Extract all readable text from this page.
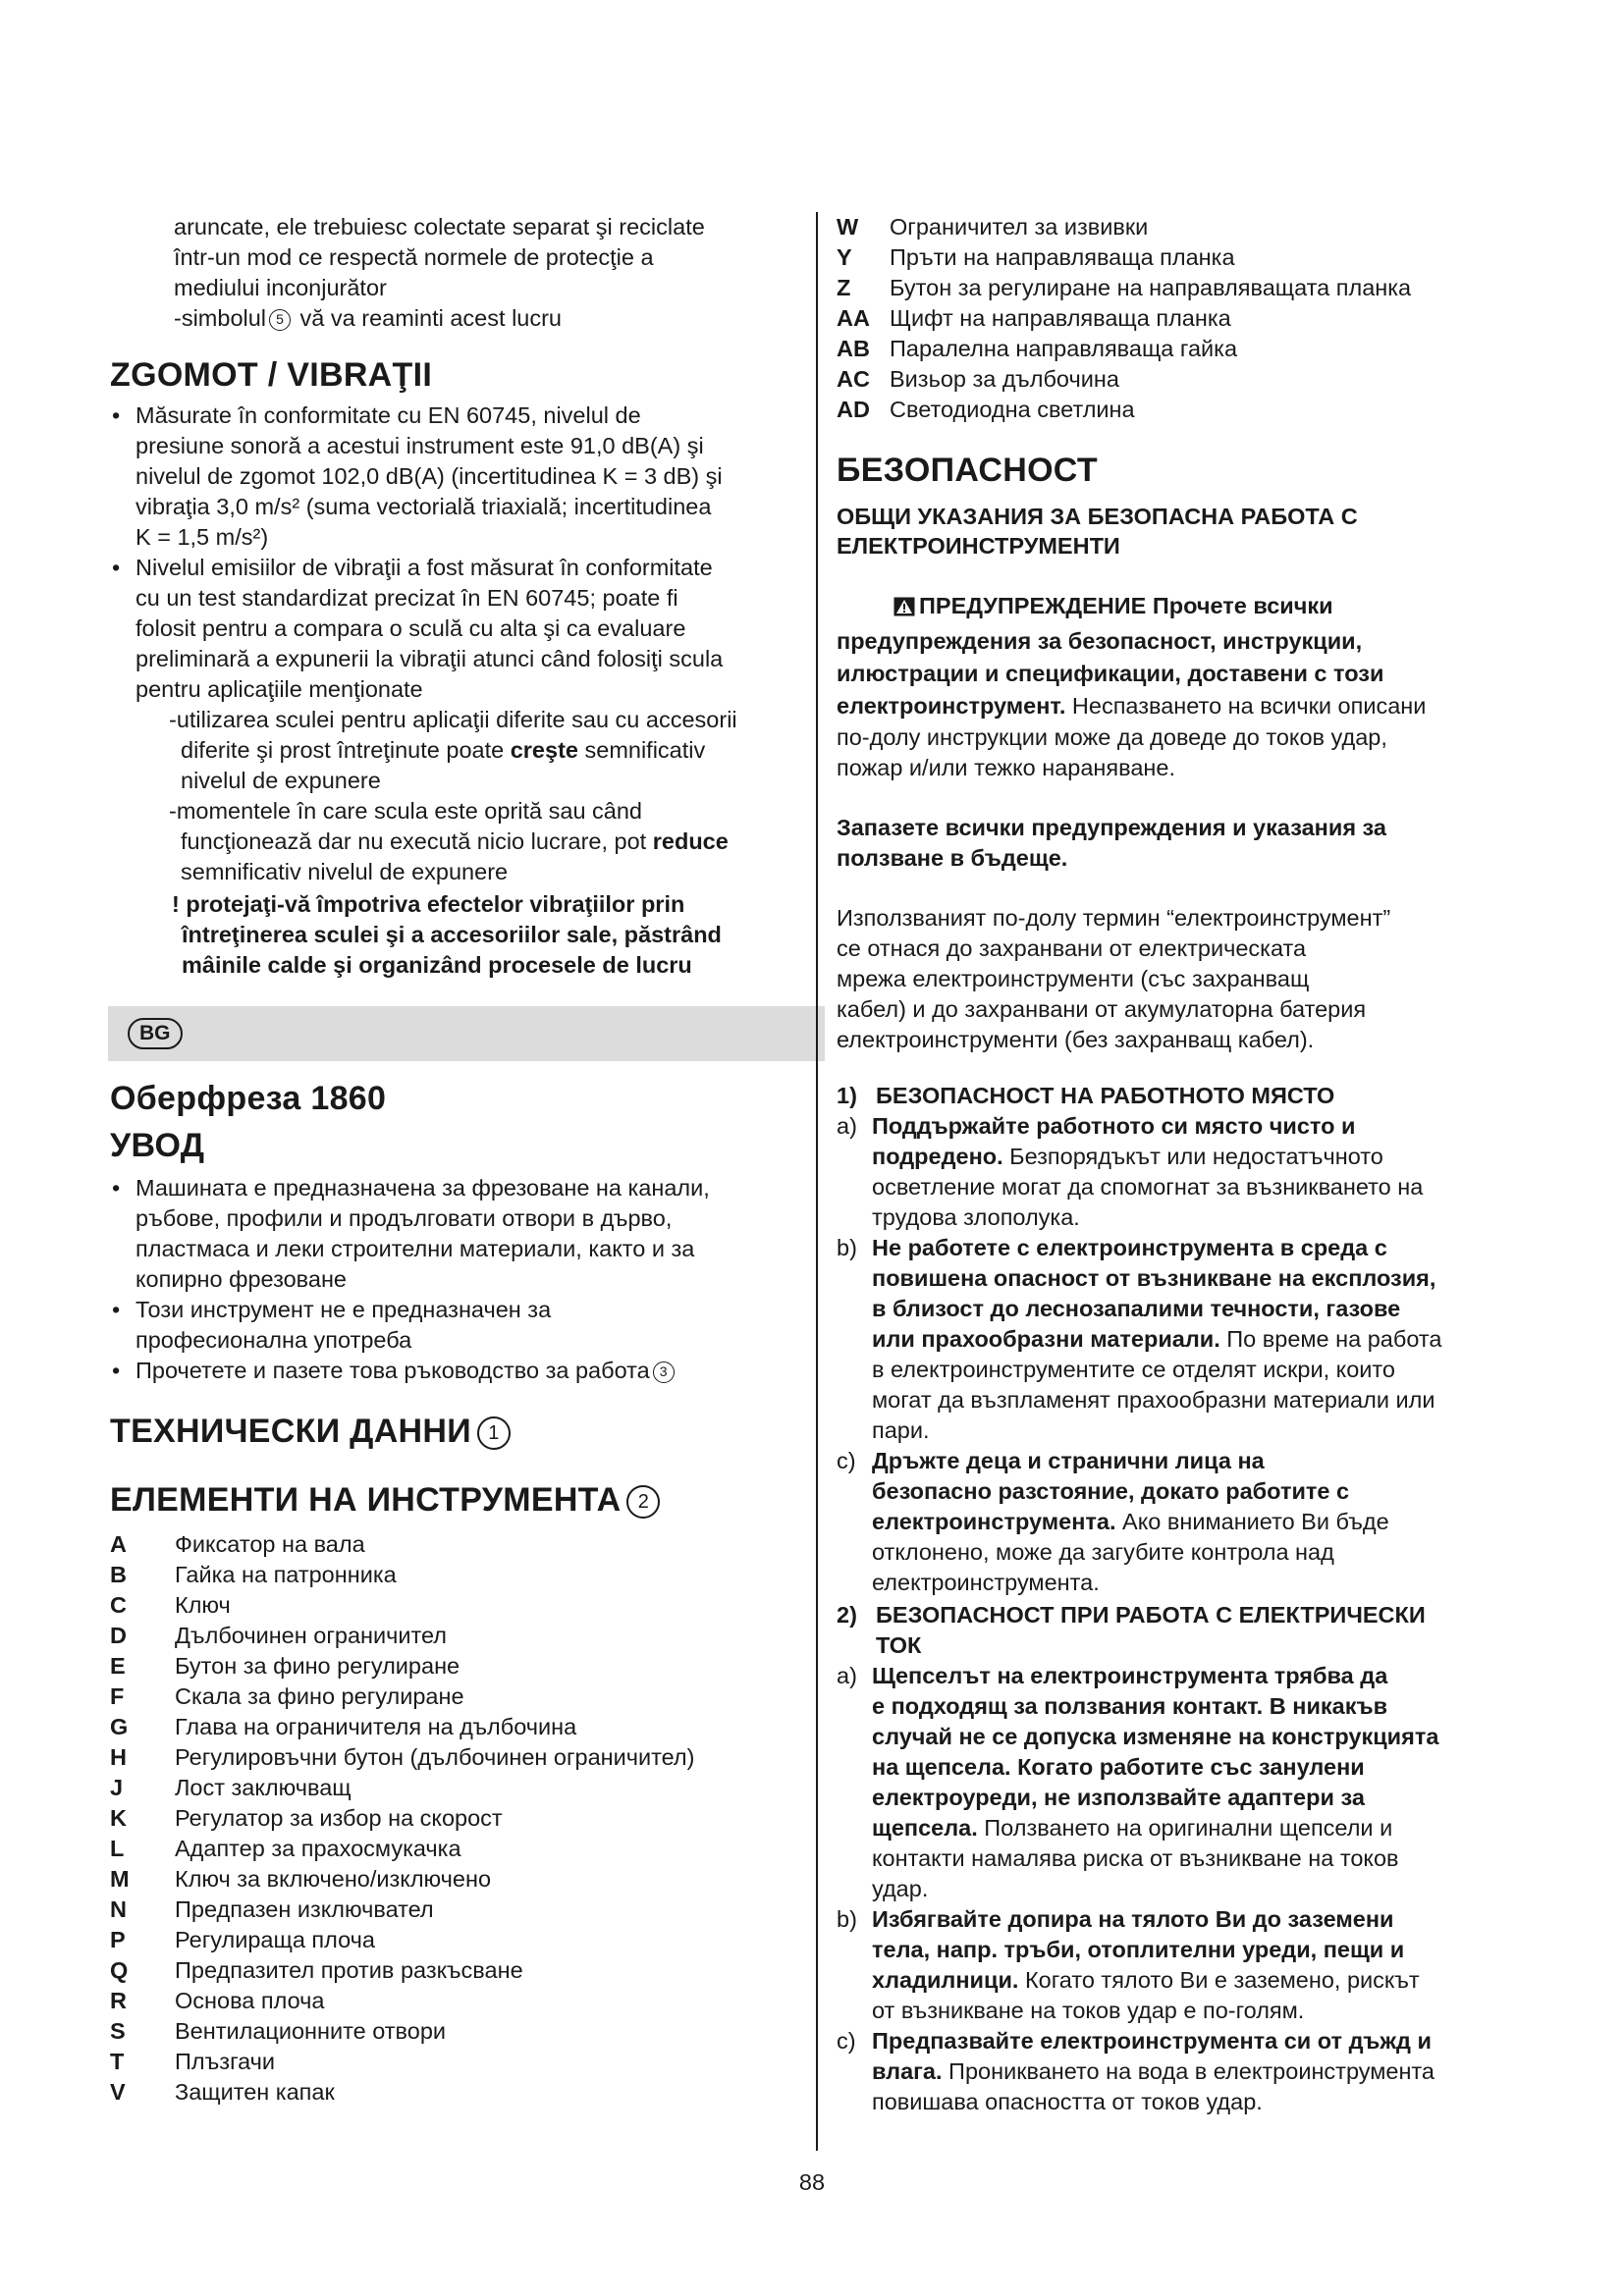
aruncate, ele trebuiesc colectate separat şi reciclate

într-un mod ce respectă normele de protecţie a

mediului inconjurător

-simbolul 5 vă va reaminti acest lucru

ZGOMOT / VIBRAŢII
• Măsurate în conformitate cu EN 60745, nivelul de
presiune sonoră a acestui instrument este 91,0 dB(A) şi
nivelul de zgomot 102,0 dB(A) (incertitudinea K = 3 dB) şi
vibraţia 3,0 m/s² (suma vectorială triaxială; incertitudinea
K = 1,5 m/s²)
• Nivelul emisiilor de vibraţii a fost măsurat în conformitate
cu un test standardizat precizat în EN 60745; poate fi
folosit pentru a compara o sculă cu alta şi ca evaluare
preliminară a expunerii la vibraţii atunci când folosiţi scula
pentru aplicaţiile menţionate

-utilizarea sculei pentru aplicaţii diferite sau cu accesorii

diferite şi prost întreţinute poate creşte semnificativ

nivelul de expunere

-momentele în care scula este oprită sau când

funcţionează dar nu execută nicio lucrare, pot reduce

semnificativ nivelul de expunere

! protejaţi-vă împotriva efectelor vibraţiilor prin
întreţinerea sculei şi a accesoriilor sale, păstrând
mâinile calde şi organizând procesele de lucru
BG
Оберфреза 1860
УВОД
• Машината е предназначена за фрезоване на канали,
ръбове, профили и продълговати отвори в дърво,
пластмаса и леки строителни материали, както и за
копирно фрезоване
• Този инструмент не е предназначен за
професионална употреба
• Прочетете и пазете това ръководство за работа 3
ТЕХНИЧЕСКИ ДАННИ 1
ЕЛЕМЕНТИ НА ИНСТРУМЕНТА 2
A	Фиксатор на вала
B	Гайка на патронника
C	Ключ
D	Дълбочинен ограничител
E	Бутон за фино регулиране
F	Скала за фино регулиране
G	Глава на ограничителя на дълбочина
H	Регулировъчни бутон (дълбочинен ограничител)
J	Лост заключващ
K	Регулатор за избор на скорост
L	Адаптер за прахосмукачка
M	Ключ за включено/изключено
N	Предпазен изключвател
P	Регулираща плоча
Q	Предпазител против разкъсване
R	Основа плоча
S	Вентилационните отвори
T	Плъзгачи
V	Защитен капак
W	Ограничител за извивки
Y	Пръти на направляваща планка
Z	Бутон за регулиране на направляващата планка
AA Щифт на направляваща планка
AB Паралелна направляваща гайка
AC Визьор за дълбочина
AD Светодиодна светлина
БЕЗОПАСНОСТ
ОБЩИ УКАЗАНИЯ ЗА БЕЗОПАСНА РАБОТА С
ЕЛЕКТРОИНСТРУМЕНТИ

ПРЕДУПРЕЖДЕНИЕ Прочете всички

предупреждения за безопасност, инструкции,

илюстрации и спецификации, доставени с този

електроинструмент. Неспазването на всички описани

по-долу инструкции може да доведе до токов удар,

пожар и/или тежко нараняване.

Запазете всички предупреждения и указания за

ползване в бъдеще.

Използваният по-долу термин “електроинструмент”

се отнася до захранвани от електрическата

мрежа електроинструменти (със захранващ

кабел) и до захранвани от акумулаторна батерия

електроинструменти (без захранващ кабел).

1) БЕЗОПАСНОСТ НА РАБОТНОТО МЯСТО
a) Поддържайте работното си място чисто и
подредено. Безпорядъкът или недостатъчното
осветление могат да спомогнат за възникването на
трудова злополука.
b) Не работете с електроинструмента в среда с
повишена опасност от възникване на експлозия,
в близост до леснозапалими течности, газове
или прахообразни материали. По време на работа
в електроинструментите се отделят искри, които
могат да възпламенят прахообразни материали или
пари.
c) Дръжте деца и странични лица на
безопасно разстояние, докато работите с
електроинструмента. Ако вниманието Ви бъде
отклонено, може да загубите контрола над
електроинструмента.
2) БЕЗОПАСНОСТ ПРИ РАБОТА С ЕЛЕКТРИЧЕСКИ
ТОК
a) Щепселът на електроинструмента трябва да
е подходящ за ползвания контакт. В никакъв
случай не се допуска изменяне на конструкцията
на щепсела. Когато работите със занулени
електроуреди, не използвайте адаптери за
щепсела. Ползването на оригинални щепсели и
контакти намалява риска от възникване на токов
удар.
b) Избягвайте допира на тялото Ви до заземени
тела, напр. тръби, отоплителни уреди, пещи и
хладилници. Когато тялото Ви е заземено, рискът
от възникване на токов удар е по-голям.
c) Предпазвайте електроинструмента си от дъжд и
влага. Проникването на вода в електроинструмента
повишава опасността от токов удар.
88
